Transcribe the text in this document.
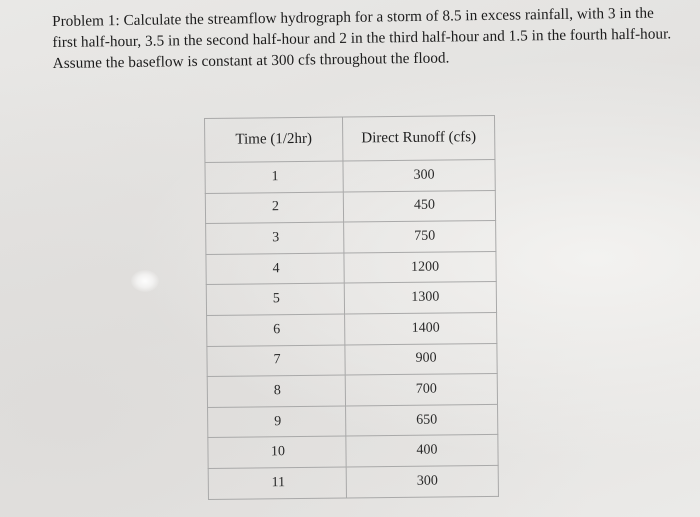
Problem 1: Calculate the streamflow hydrograph for a storm of 8.5 in excess rainfall, with 3 in the first half-hour, 3.5 in the second half-hour and 2 in the third half-hour and 1.5 in the fourth half-hour. Assume the baseflow is constant at 300 cfs throughout the flood.

Time (1/2hr)	Direct Runoff (cfs)
1	300
2	450
3	750
4	1200
5	1300
6	1400
7	900
8	700
9	650
10	400
11	300
